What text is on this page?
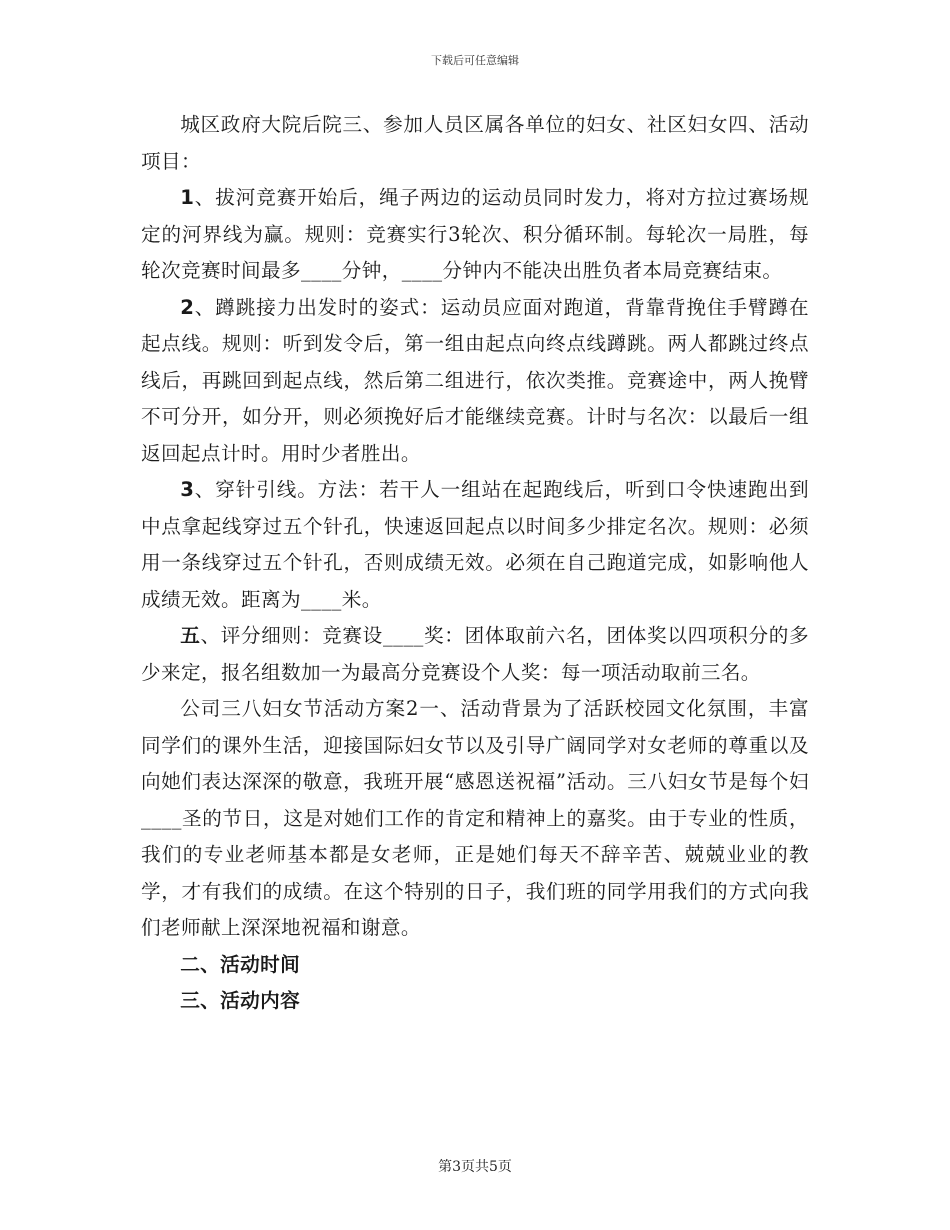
下载后可任意编辑

城区政府大院后院三、参加人员区属各单位的妇女、社区妇女四、活动项目：

1、拔河竞赛开始后，绳子两边的运动员同时发力，将对方拉过赛场规定的河界线为赢。规则：竞赛实行3轮次、积分循环制。每轮次一局胜，每轮次竞赛时间最多____分钟，____分钟内不能决出胜负者本局竞赛结束。

2、蹲跳接力出发时的姿式：运动员应面对跑道，背靠背挽住手臂蹲在起点线。规则：听到发令后，第一组由起点向终点线蹲跳。两人都跳过终点线后，再跳回到起点线，然后第二组进行，依次类推。竞赛途中，两人挽臂不可分开，如分开，则必须挽好后才能继续竞赛。计时与名次：以最后一组返回起点计时。用时少者胜出。

3、穿针引线。方法：若干人一组站在起跑线后，听到口令快速跑出到中点拿起线穿过五个针孔，快速返回起点以时间多少排定名次。规则：必须用一条线穿过五个针孔，否则成绩无效。必须在自己跑道完成，如影响他人成绩无效。距离为____米。

五、评分细则：竞赛设____奖：团体取前六名，团体奖以四项积分的多少来定，报名组数加一为最高分竞赛设个人奖：每一项活动取前三名。

公司三八妇女节活动方案2一、活动背景为了活跃校园文化氛围，丰富同学们的课外生活，迎接国际妇女节以及引导广阔同学对女老师的尊重以及向她们表达深深的敬意，我班开展“感恩送祝福”活动。三八妇女节是每个妇____圣的节日，这是对她们工作的肯定和精神上的嘉奖。由于专业的性质，我们的专业老师基本都是女老师，正是她们每天不辞辛苦、兢兢业业的教学，才有我们的成绩。在这个特别的日子，我们班的同学用我们的方式向我们老师献上深深地祝福和谢意。

二、活动时间

三、活动内容

第3页共5页
